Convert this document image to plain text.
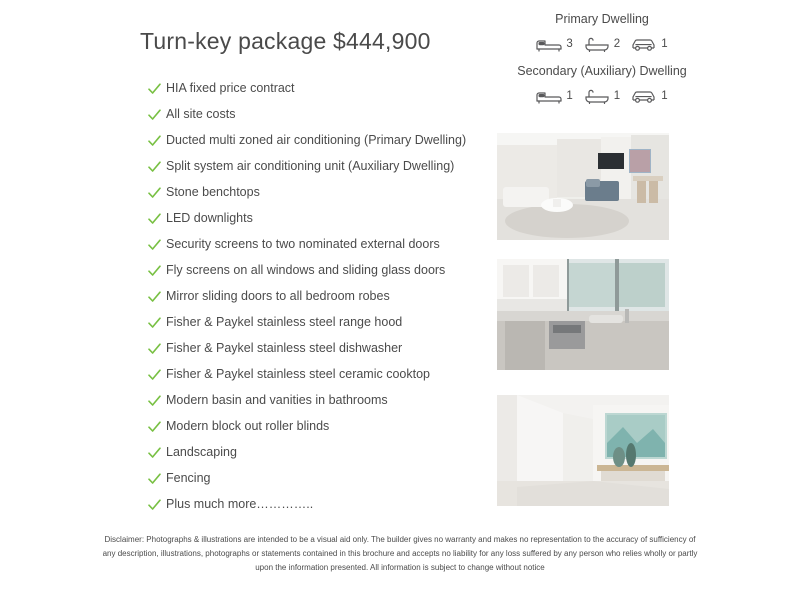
Turn-key package $444,900
HIA fixed price contract
All site costs
Ducted multi zoned air conditioning (Primary Dwelling)
Split system air conditioning unit (Auxiliary Dwelling)
Stone benchtops
LED downlights
Security screens to two nominated external doors
Fly screens on all windows and sliding glass doors
Mirror sliding doors to all bedroom robes
Fisher & Paykel stainless steel range hood
Fisher & Paykel stainless steel dishwasher
Fisher & Paykel stainless steel ceramic cooktop
Modern basin and vanities in bathrooms
Modern block out roller blinds
Landscaping
Fencing
Plus much more…………..
Primary Dwelling
3	2	1
Secondary (Auxiliary) Dwelling
1	1	1
Disclaimer: Photographs & illustrations are intended to be a visual aid only. The builder gives no warranty and makes no representation to the accuracy of sufficiency of any description, illustrations, photographs or statements contained in this brochure and accepts no liability for any loss suffered by any person who relies wholly or partly upon the information presented. All information is subject to change without notice
